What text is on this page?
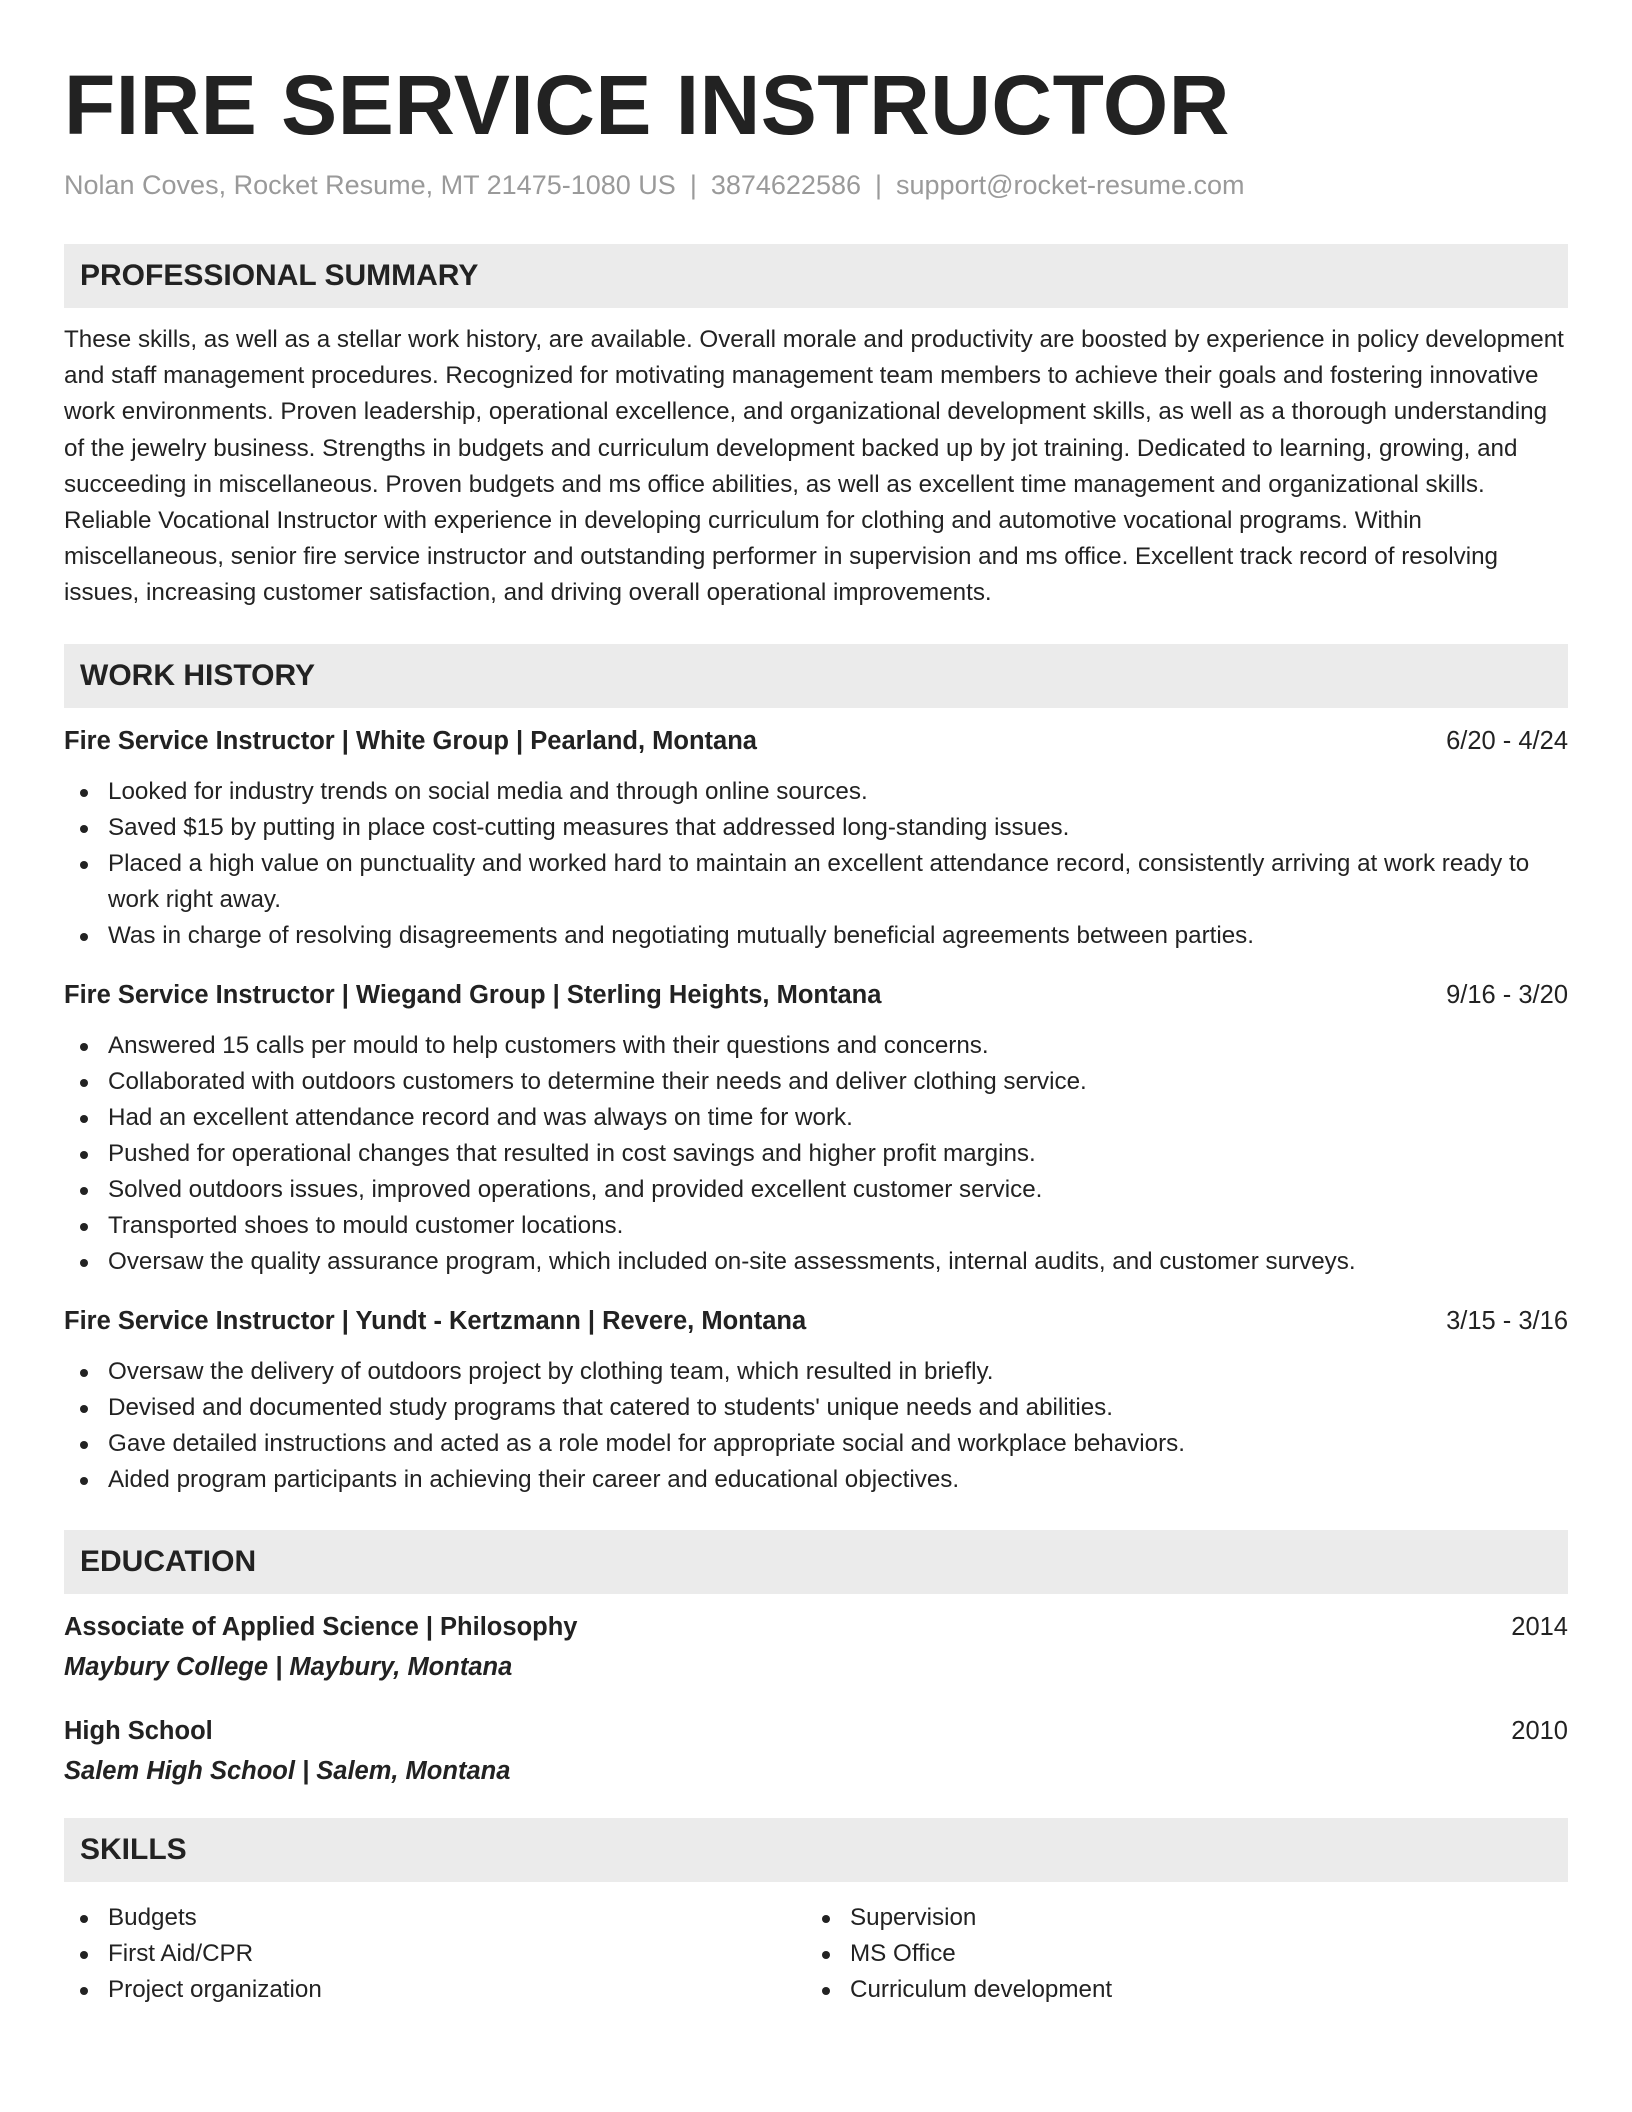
FIRE SERVICE INSTRUCTOR
Nolan Coves, Rocket Resume, MT 21475-1080 US | 3874622586 | support@rocket-resume.com
PROFESSIONAL SUMMARY

These skills, as well as a stellar work history, are available. Overall morale and productivity are boosted by experience in policy development and staff management procedures. Recognized for motivating management team members to achieve their goals and fostering innovative work environments. Proven leadership, operational excellence, and organizational development skills, as well as a thorough understanding of the jewelry business. Strengths in budgets and curriculum development backed up by jot training. Dedicated to learning, growing, and succeeding in miscellaneous. Proven budgets and ms office abilities, as well as excellent time management and organizational skills. Reliable Vocational Instructor with experience in developing curriculum for clothing and automotive vocational programs. Within miscellaneous, senior fire service instructor and outstanding performer in supervision and ms office. Excellent track record of resolving issues, increasing customer satisfaction, and driving overall operational improvements.

WORK HISTORY
Fire Service Instructor | White Group | Pearland, Montana	6/20 - 4/24
Looked for industry trends on social media and through online sources.
Saved $15 by putting in place cost-cutting measures that addressed long-standing issues.
Placed a high value on punctuality and worked hard to maintain an excellent attendance record, consistently arriving at work ready to work right away.
Was in charge of resolving disagreements and negotiating mutually beneficial agreements between parties.
Fire Service Instructor | Wiegand Group | Sterling Heights, Montana	9/16 - 3/20
Answered 15 calls per mould to help customers with their questions and concerns.
Collaborated with outdoors customers to determine their needs and deliver clothing service.
Had an excellent attendance record and was always on time for work.
Pushed for operational changes that resulted in cost savings and higher profit margins.
Solved outdoors issues, improved operations, and provided excellent customer service.
Transported shoes to mould customer locations.
Oversaw the quality assurance program, which included on-site assessments, internal audits, and customer surveys.
Fire Service Instructor | Yundt - Kertzmann | Revere, Montana	3/15 - 3/16
Oversaw the delivery of outdoors project by clothing team, which resulted in briefly.
Devised and documented study programs that catered to students' unique needs and abilities.
Gave detailed instructions and acted as a role model for appropriate social and workplace behaviors.
Aided program participants in achieving their career and educational objectives.
EDUCATION
Associate of Applied Science | Philosophy	2014
Maybury College | Maybury, Montana
High School	2010
Salem High School | Salem, Montana
SKILLS
Budgets
First Aid/CPR
Project organization
Supervision
MS Office
Curriculum development
